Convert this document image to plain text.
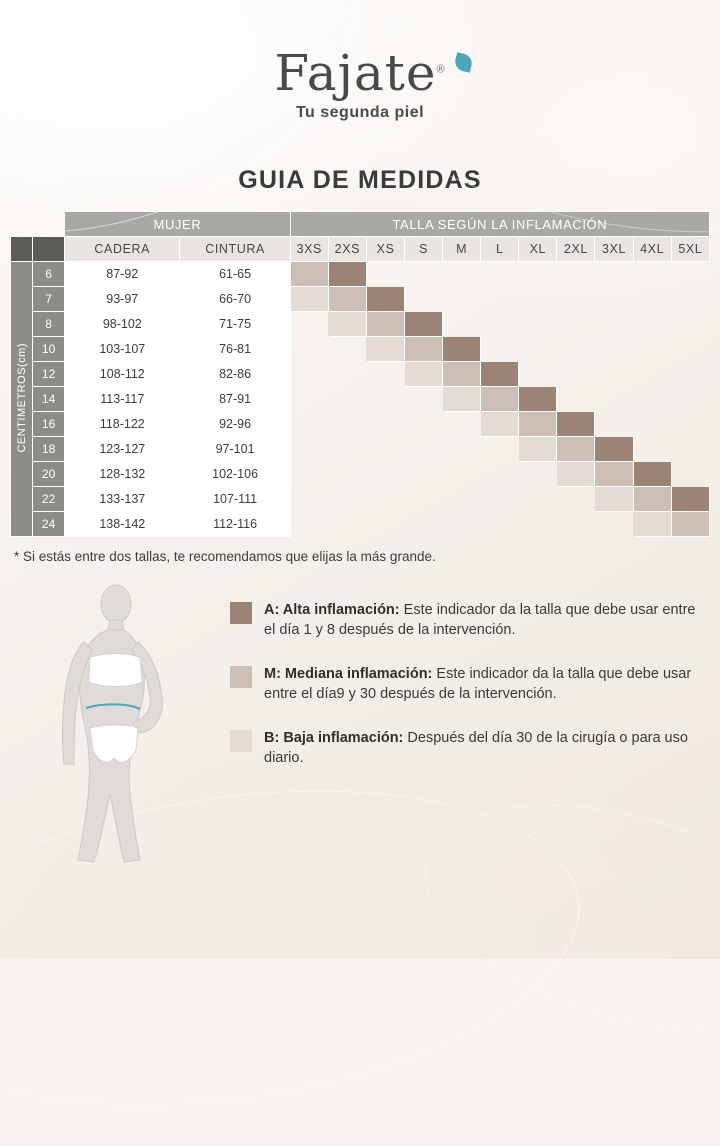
Fajate®
Tu segunda piel
GUIA DE MEDIDAS
		MUJER		TALLA SEGÚN LA INFLAMACIÓN										
		CADERA	CINTURA	3XS	2XS	XS	S	M	L	XL	2XL	3XL	4XL	5XL
CENTIMETROS(cm)	6	87-92	61-65											
	7	93-97	66-70											
	8	98-102	71-75											
	10	103-107	76-81											
	12	108-112	82-86											
	14	113-117	87-91											
	16	118-122	92-96											
	18	123-127	97-101											
	20	128-132	102-106											
	22	133-137	107-111											
	24	138-142	112-116											
* Si estás entre dos tallas, te recomendamos que elijas la más grande.
A: Alta inflamación: Este indicador da la talla que debe usar entre el día 1 y 8 después de la intervención.
M: Mediana inflamación: Este indicador da la talla que debe usar entre el día9 y 30 después de la intervención.
B: Baja inflamación: Después del día 30 de la cirugía o para uso diario.
